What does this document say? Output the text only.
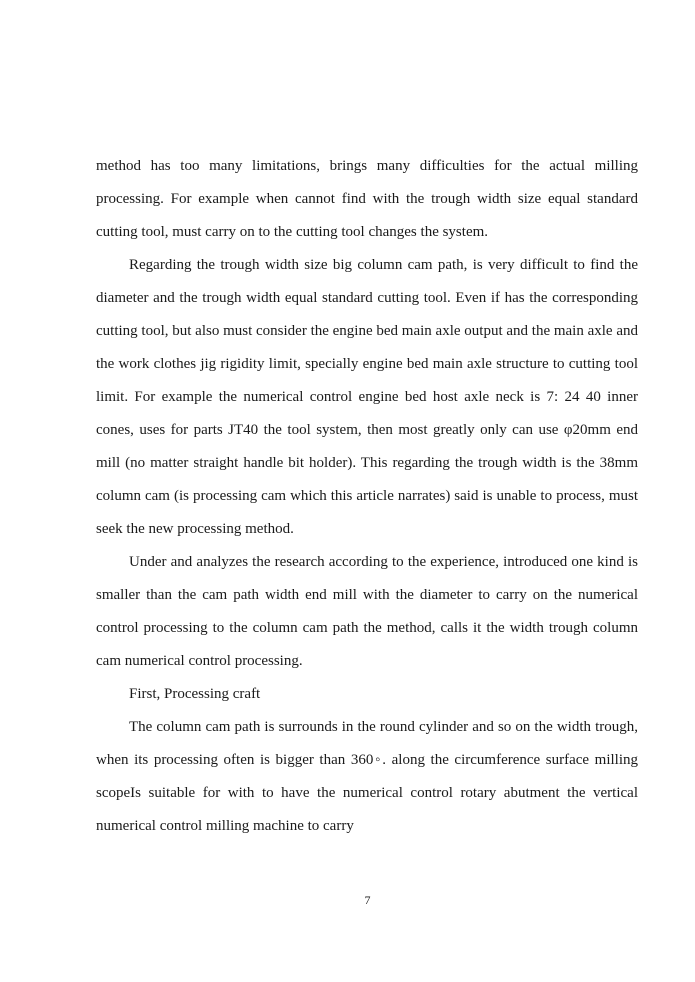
method has too many limitations, brings many difficulties for the actual milling processing. For example when cannot find with the trough width size equal standard cutting tool, must carry on to the cutting tool changes the system.

Regarding the trough width size big column cam path, is very difficult to find the diameter and the trough width equal standard cutting tool. Even if has the corresponding cutting tool, but also must consider the engine bed main axle output and the main axle and the work clothes jig rigidity limit, specially engine bed main axle structure to cutting tool limit. For example the numerical control engine bed host axle neck is 7: 24 40 inner cones, uses for parts JT40 the tool system, then most greatly only can use φ20mm end mill (no matter straight handle bit holder). This regarding the trough width is the 38mm column cam (is processing cam which this article narrates) said is unable to process, must seek the new processing method.

Under and analyzes the research according to the experience, introduced one kind is smaller than the cam path width end mill with the diameter to carry on the numerical control processing to the column cam path the method, calls it the width trough column cam numerical control processing.

First, Processing craft

The column cam path is surrounds in the round cylinder and so on the width trough, when its processing often is bigger than 360◦. along the circumference surface milling scopeIs suitable for with to have the numerical control rotary abutment the vertical numerical control milling machine to carry

7
